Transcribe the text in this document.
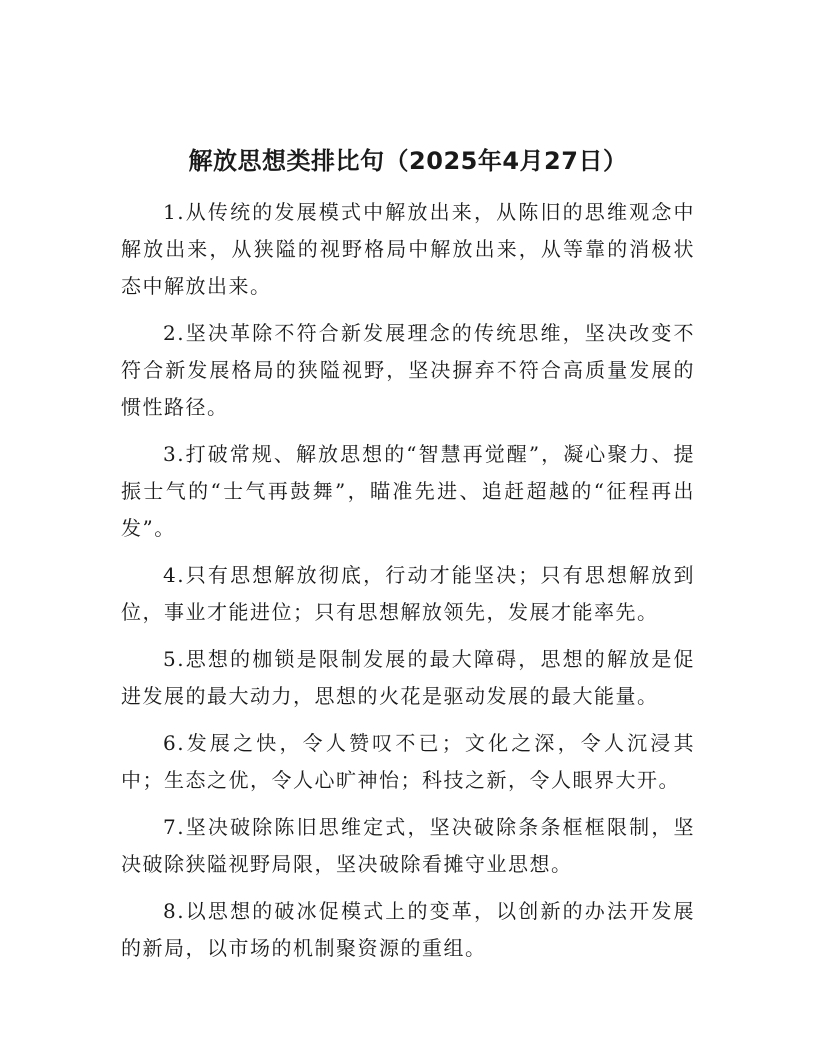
解放思想类排比句（2025年4月27日）

1.从传统的发展模式中解放出来，从陈旧的思维观念中解放出来，从狭隘的视野格局中解放出来，从等靠的消极状态中解放出来。

2.坚决革除不符合新发展理念的传统思维，坚决改变不符合新发展格局的狭隘视野，坚决摒弃不符合高质量发展的惯性路径。

3.打破常规、解放思想的“智慧再觉醒”，凝心聚力、提振士气的“士气再鼓舞”，瞄准先进、追赶超越的“征程再出发”。

4.只有思想解放彻底，行动才能坚决；只有思想解放到位，事业才能进位；只有思想解放领先，发展才能率先。

5.思想的枷锁是限制发展的最大障碍，思想的解放是促进发展的最大动力，思想的火花是驱动发展的最大能量。

6.发展之快，令人赞叹不已；文化之深，令人沉浸其中；生态之优，令人心旷神怡；科技之新，令人眼界大开。

7.坚决破除陈旧思维定式，坚决破除条条框框限制，坚决破除狭隘视野局限，坚决破除看摊守业思想。

8.以思想的破冰促模式上的变革，以创新的办法开发展的新局，以市场的机制聚资源的重组。
